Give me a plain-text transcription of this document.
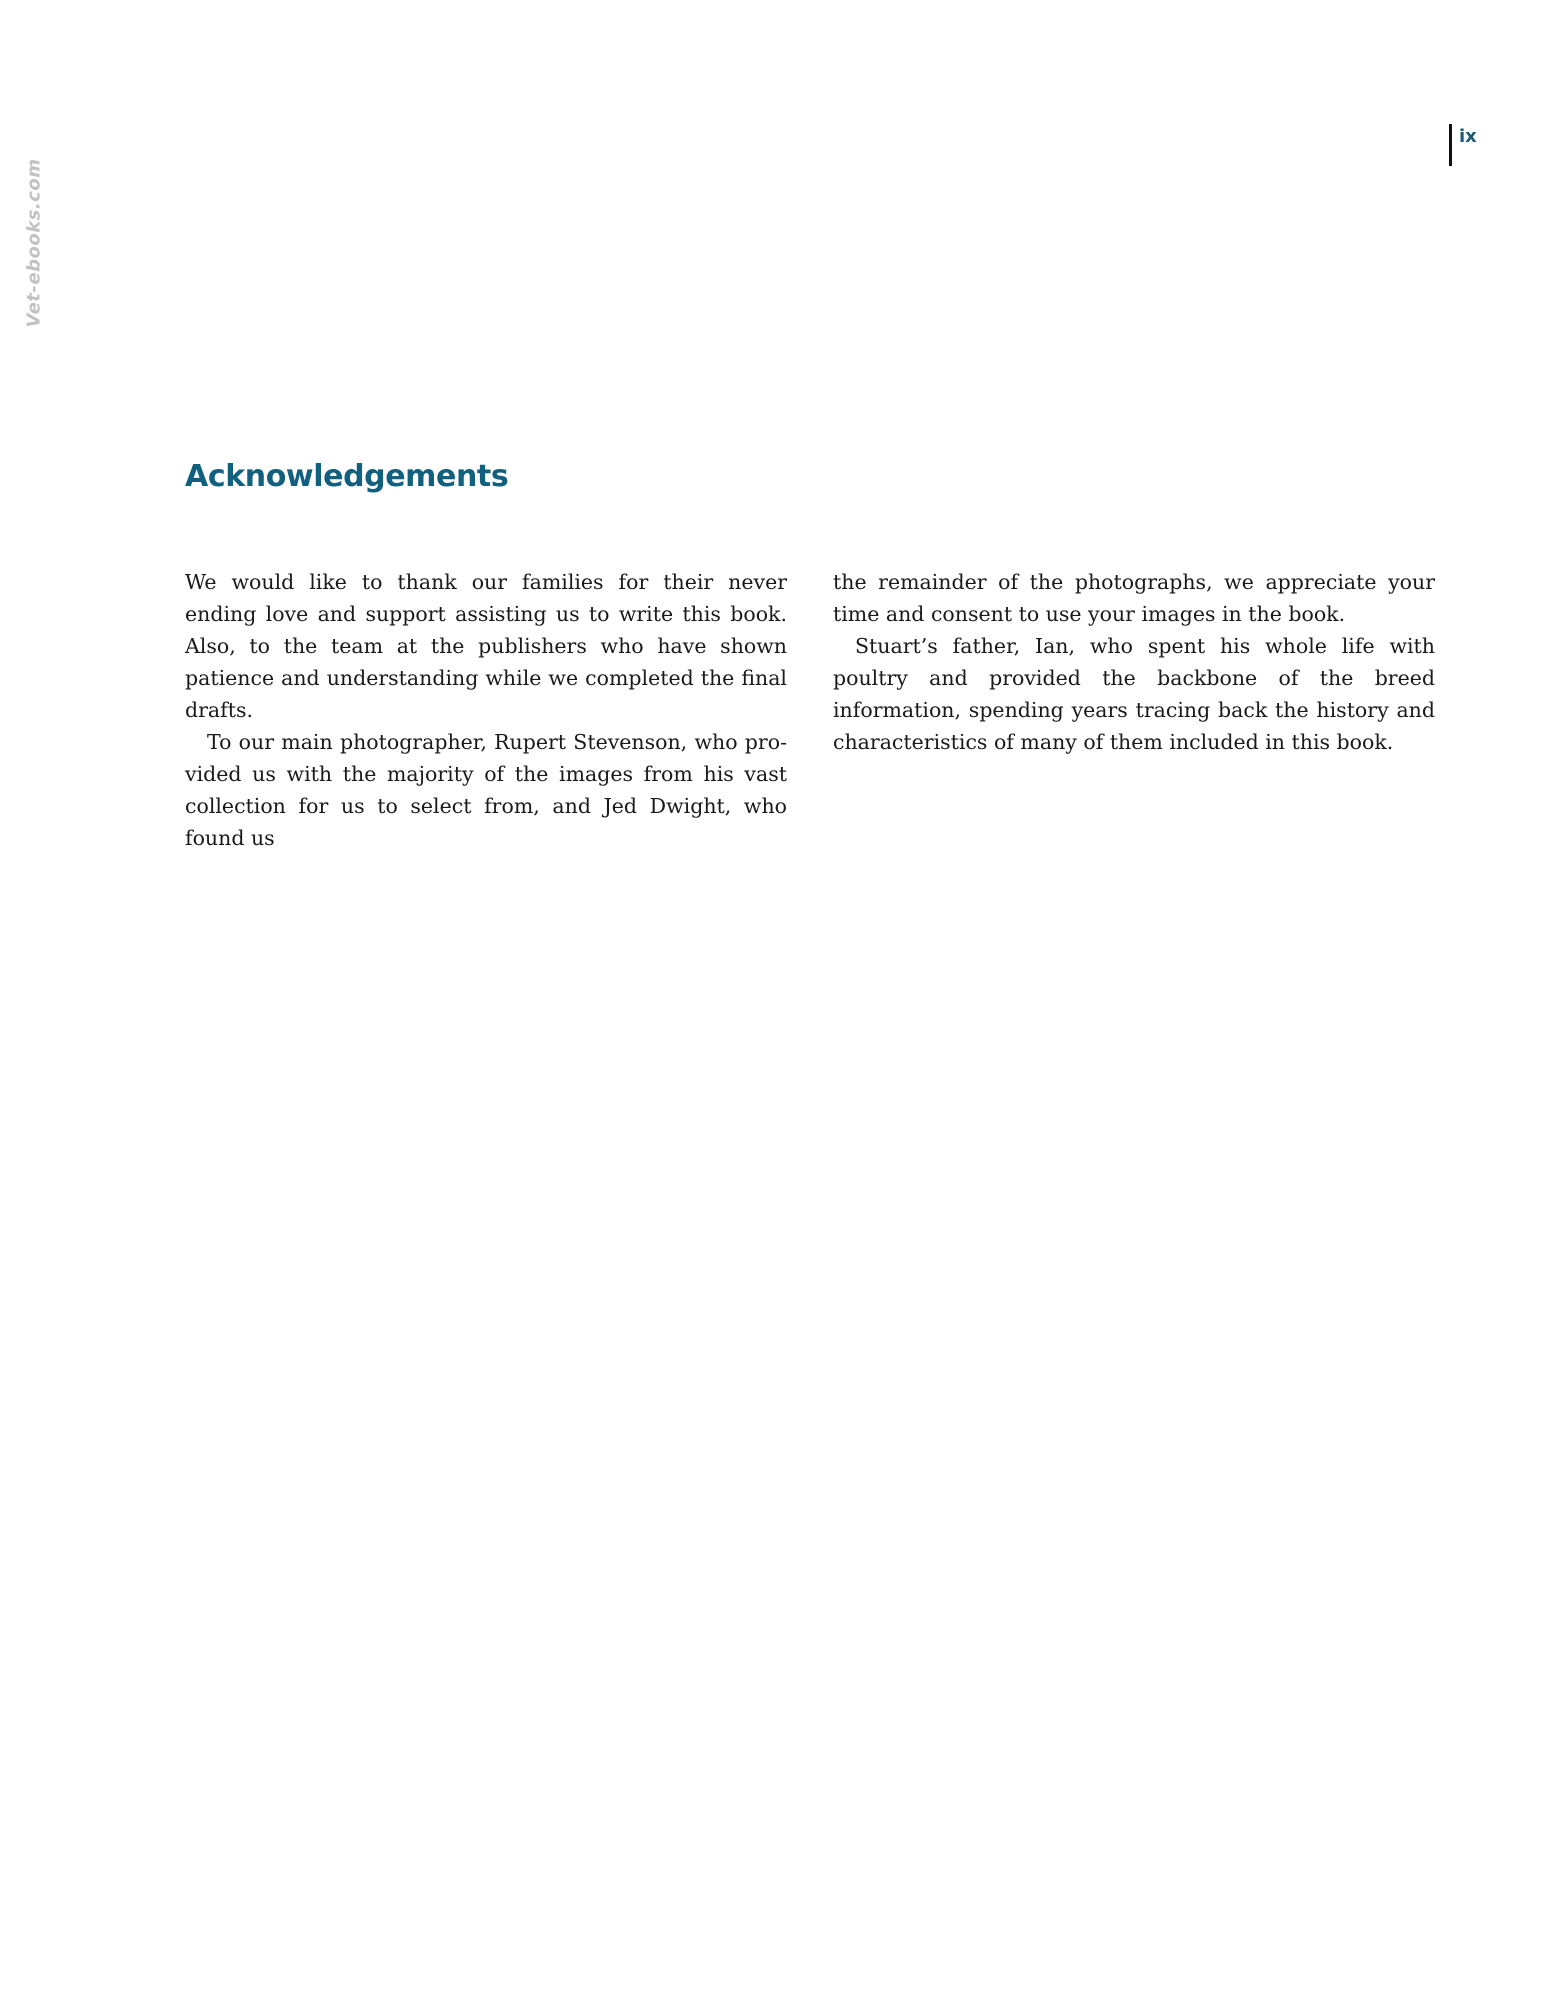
Vet-ebooks.com
ix
Acknowledgements

We would like to thank our families for their never ending love and support assisting us to write this book. Also, to the team at the publishers who have shown patience and understanding while we completed the final drafts.

To our main photographer, Rupert Stevenson, who provided us with the majority of the images from his vast collection for us to select from, and Jed Dwight, who found us

the remainder of the photographs, we appreciate your time and consent to use your images in the book.

Stuart’s father, Ian, who spent his whole life with poultry and provided the backbone of the breed information, spending years tracing back the history and characteristics of many of them included in this book.
